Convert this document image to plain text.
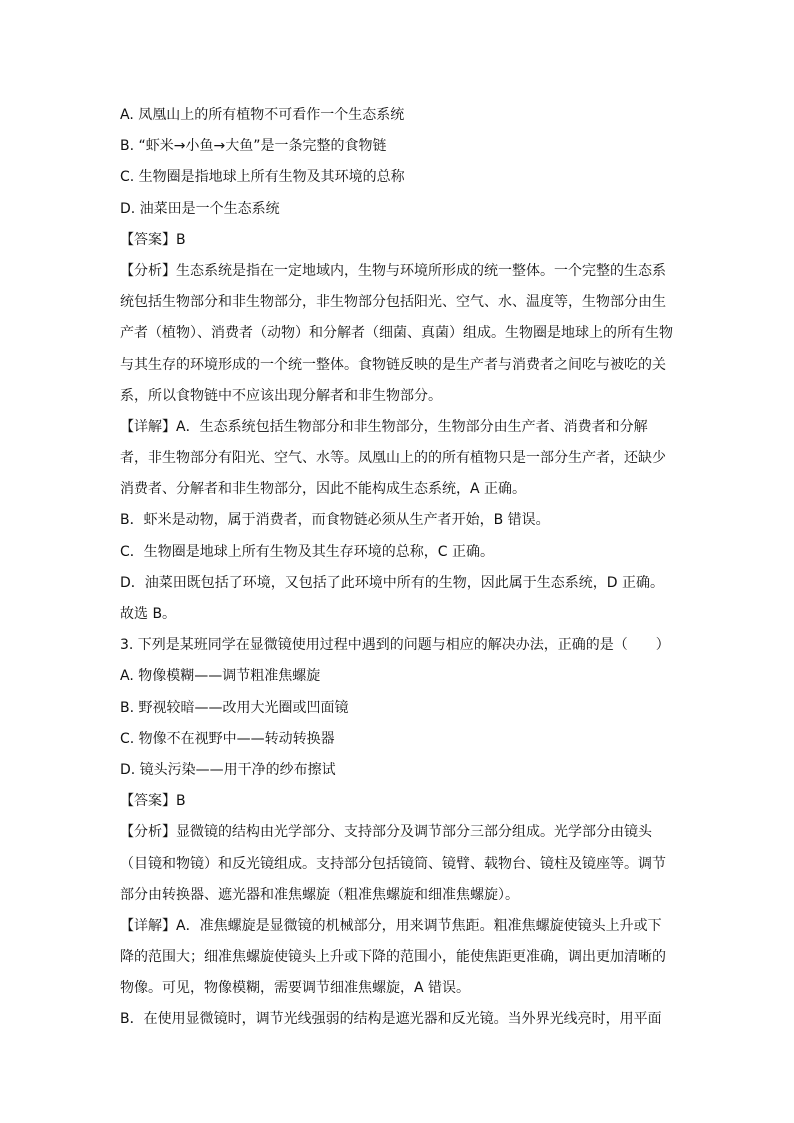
A. 凤凰山上的所有植物不可看作一个生态系统
B. “虾米→小鱼→大鱼”是一条完整的食物链
C. 生物圈是指地球上所有生物及其环境的总称
D. 油菜田是一个生态系统
【答案】B
【分析】生态系统是指在一定地域内，生物与环境所形成的统一整体。一个完整的生态系
统包括生物部分和非生物部分，非生物部分包括阳光、空气、水、温度等，生物部分由生
产者（植物）、消费者（动物）和分解者（细菌、真菌）组成。生物圈是地球上的所有生物
与其生存的环境形成的一个统一整体。食物链反映的是生产者与消费者之间吃与被吃的关
系，所以食物链中不应该出现分解者和非生物部分。
【详解】A．生态系统包括生物部分和非生物部分，生物部分由生产者、消费者和分解
者，非生物部分有阳光、空气、水等。凤凰山上的的所有植物只是一部分生产者，还缺少
消费者、分解者和非生物部分，因此不能构成生态系统，A 正确。
B．虾米是动物，属于消费者，而食物链必须从生产者开始，B 错误。
C．生物圈是地球上所有生物及其生存环境的总称，C 正确。
D．油菜田既包括了环境，又包括了此环境中所有的生物，因此属于生态系统，D 正确。
故选 B。
3. 下列是某班同学在显微镜使用过程中遇到的问题与相应的解决办法，正确的是（　　）
A. 物像模糊——调节粗准焦螺旋
B. 野视较暗——改用大光圈或凹面镜
C. 物像不在视野中——转动转换器
D. 镜头污染——用干净的纱布擦试
【答案】B
【分析】显微镜的结构由光学部分、支持部分及调节部分三部分组成。光学部分由镜头
（目镜和物镜）和反光镜组成。支持部分包括镜筒、镜臂、载物台、镜柱及镜座等。调节
部分由转换器、遮光器和准焦螺旋（粗准焦螺旋和细准焦螺旋）。
【详解】A．准焦螺旋是显微镜的机械部分，用来调节焦距。粗准焦螺旋使镜头上升或下
降的范围大；细准焦螺旋使镜头上升或下降的范围小，能使焦距更准确，调出更加清晰的
物像。可见，物像模糊，需要调节细准焦螺旋，A 错误。
B．在使用显微镜时，调节光线强弱的结构是遮光器和反光镜。当外界光线亮时，用平面
